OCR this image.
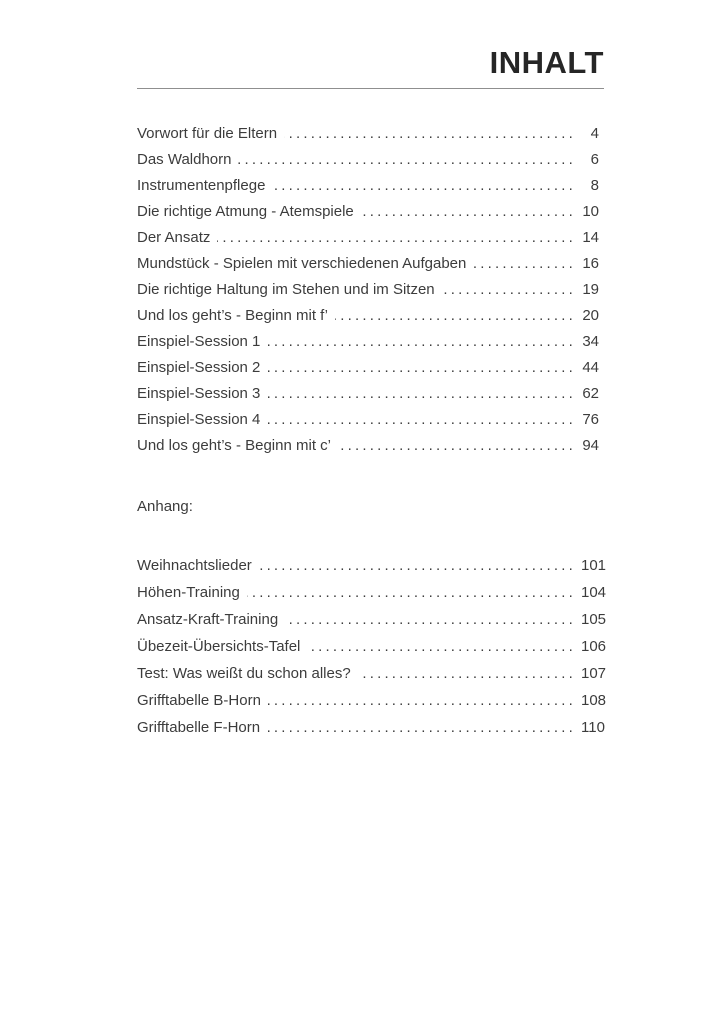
INHALT
Vorwort für die Eltern .....	4
Das Waldhorn .....	6
Instrumentenpflege .....	8
Die richtige Atmung - Atemspiele .....	10
Der Ansatz .....	14
Mundstück - Spielen mit verschiedenen Aufgaben .....	16
Die richtige Haltung im Stehen und im Sitzen .....	19
Und los geht’s - Beginn mit f’ .....	20
Einspiel-Session 1 .....	34
Einspiel-Session 2 .....	44
Einspiel-Session 3 .....	62
Einspiel-Session 4 .....	76
Und los geht’s - Beginn mit c’ .....	94
Anhang:
Weihnachtslieder .....	101
Höhen-Training .....	104
Ansatz-Kraft-Training .....	105
Übezeit-Übersichts-Tafel .....	106
Test: Was weißt du schon alles? .....	107
Grifftabelle B-Horn .....	108
Grifftabelle F-Horn .....	110
